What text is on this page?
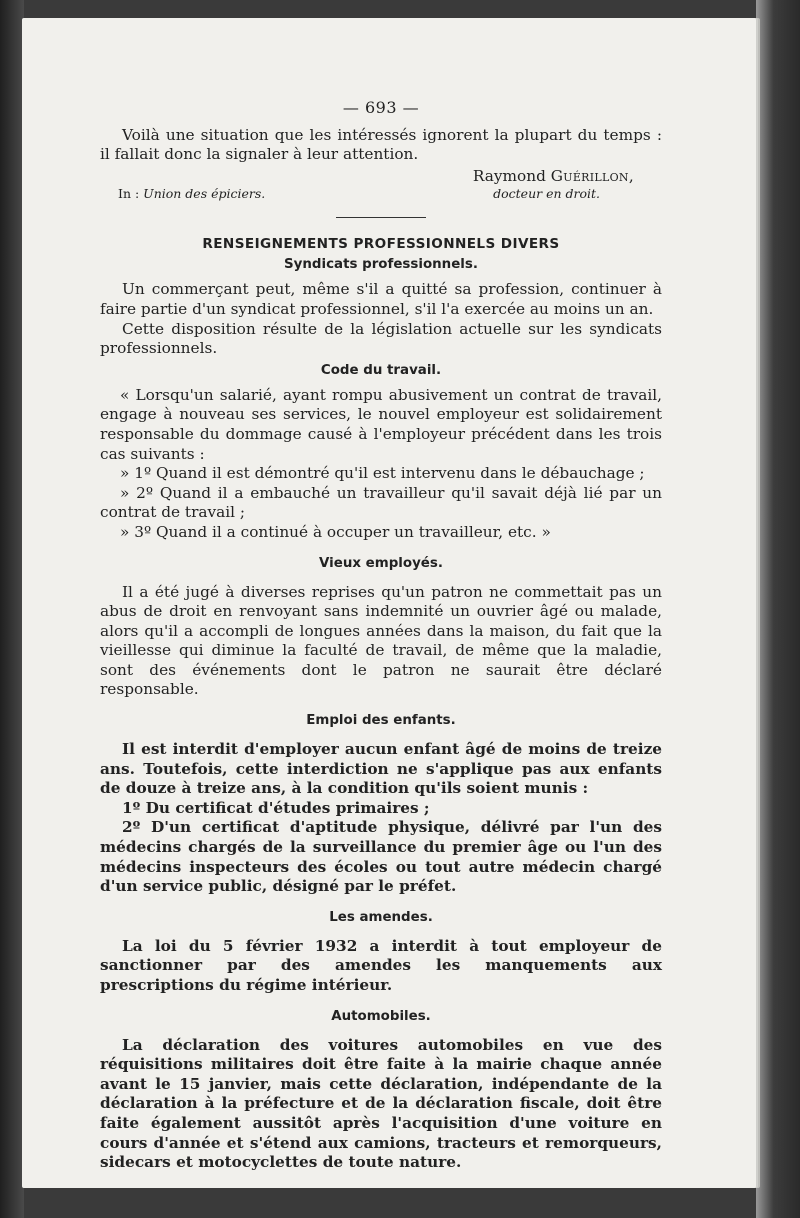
— 693 —

Voilà une situation que les intéressés ignorent la plupart du temps : il fallait donc la signaler à leur attention.

Raymond Guérillon,
In : Union des épiciers.	docteur en droit.
RENSEIGNEMENTS PROFESSIONNELS DIVERS
Syndicats professionnels.

Un commerçant peut, même s'il a quitté sa profession, continuer à faire partie d'un syndicat professionnel, s'il l'a exercée au moins un an.

Cette disposition résulte de la législation actuelle sur les syndicats professionnels.

Code du travail.

« Lorsqu'un salarié, ayant rompu abusivement un contrat de travail, engage à nouveau ses services, le nouvel employeur est solidairement responsable du dommage causé à l'employeur précédent dans les trois cas suivants :

» 1º Quand il est démontré qu'il est intervenu dans le débauchage ;

» 2º Quand il a embauché un travailleur qu'il savait déjà lié par un contrat de travail ;

» 3º Quand il a continué à occuper un travailleur, etc. »

Vieux employés.

Il a été jugé à diverses reprises qu'un patron ne commettait pas un abus de droit en renvoyant sans indemnité un ouvrier âgé ou malade, alors qu'il a accompli de longues années dans la maison, du fait que la vieillesse qui diminue la faculté de travail, de même que la maladie, sont des événements dont le patron ne saurait être déclaré responsable.

Emploi des enfants.

Il est interdit d'employer aucun enfant âgé de moins de treize ans. Toutefois, cette interdiction ne s'applique pas aux enfants de douze à treize ans, à la condition qu'ils soient munis :

1º Du certificat d'études primaires ;

2º D'un certificat d'aptitude physique, délivré par l'un des médecins chargés de la surveillance du premier âge ou l'un des médecins inspecteurs des écoles ou tout autre médecin chargé d'un service public, désigné par le préfet.

Les amendes.

La loi du 5 février 1932 a interdit à tout employeur de sanctionner par des amendes les manquements aux prescriptions du régime intérieur.

Automobiles.

La déclaration des voitures automobiles en vue des réquisitions militaires doit être faite à la mairie chaque année avant le 15 janvier, mais cette déclaration, indépendante de la déclaration à la préfecture et de la déclaration fiscale, doit être faite également aussitôt après l'acquisition d'une voiture en cours d'année et s'étend aux camions, tracteurs et remorqueurs, sidecars et motocyclettes de toute nature.
